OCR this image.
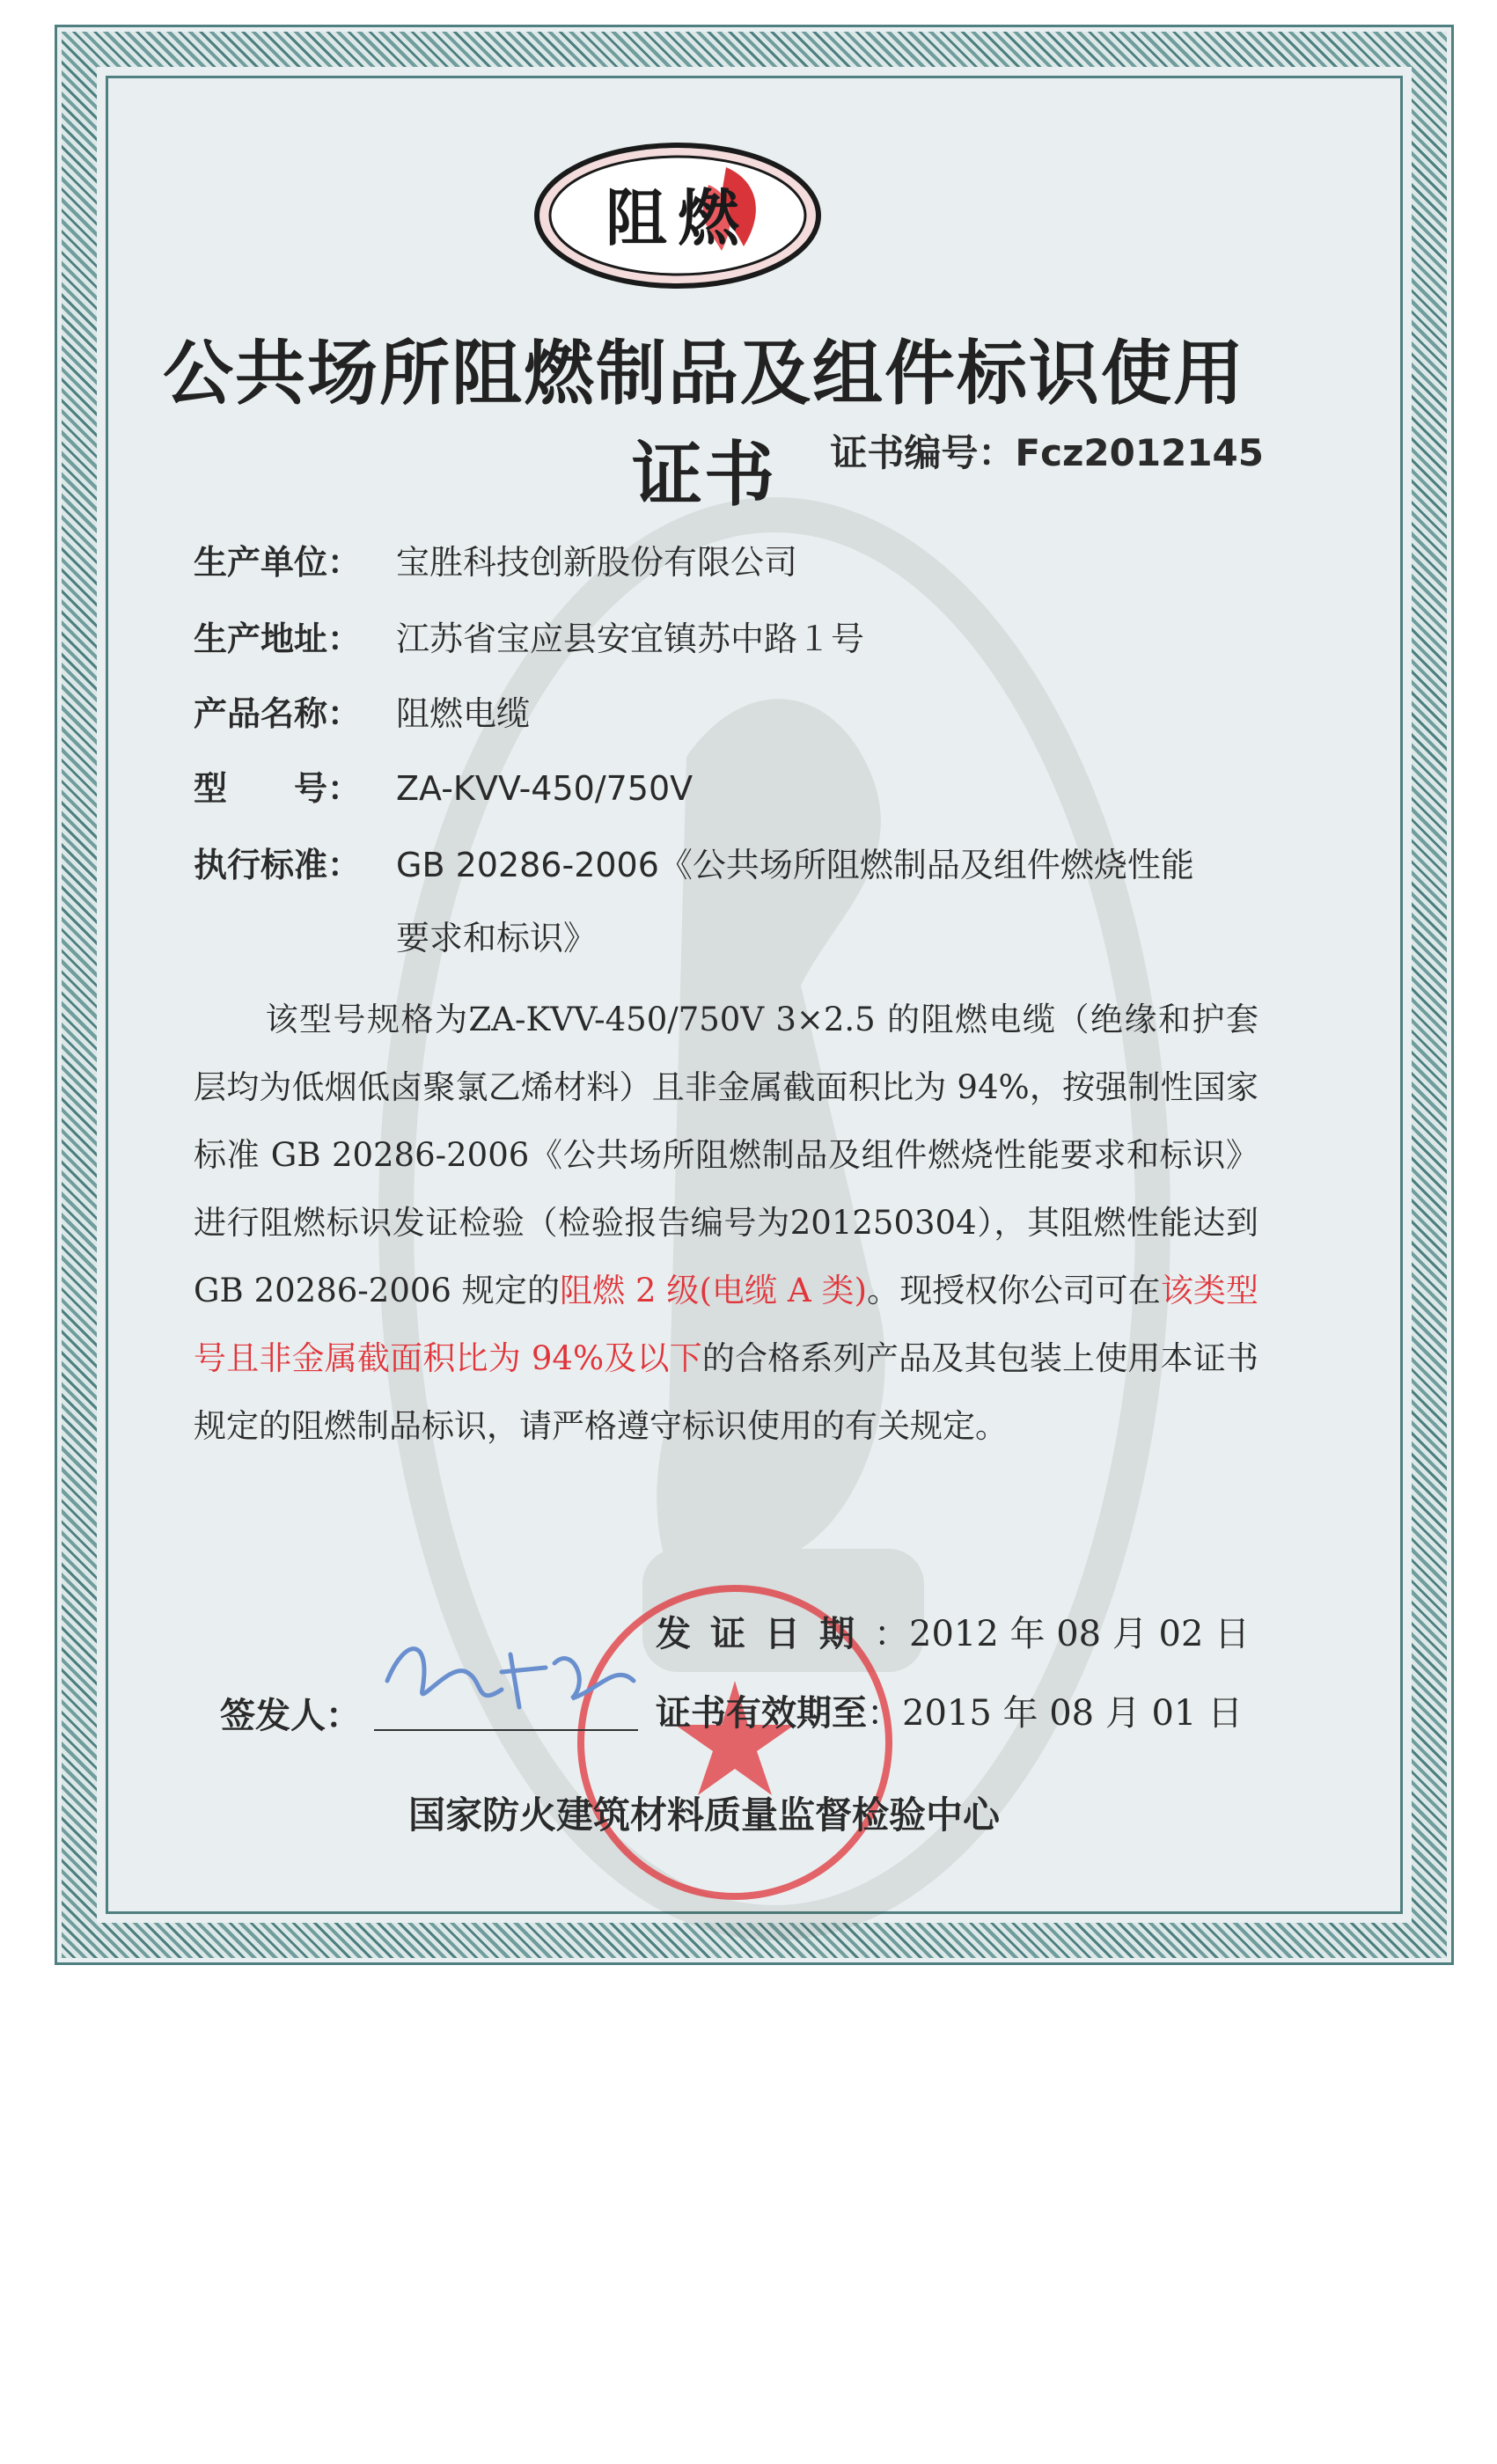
阻燃
公共场所阻燃制品及组件标识使用证书	证书编号：Fcz2012145
生产单位： 宝胜科技创新股份有限公司
生产地址： 江苏省宝应县安宜镇苏中路１号
产品名称： 阻燃电缆
型　　号： ZA-KVV-450/750V
执行标准： GB 20286-2006《公共场所阻燃制品及组件燃烧性能
要求和标识》
该型号规格为ZA-KVV-450/750V 3×2.5 的阻燃电缆（绝缘和护套层均为低烟低卤聚氯乙烯材料）且非金属截面积比为 94%，按强制性国家标准 GB 20286-2006《公共场所阻燃制品及组件燃烧性能要求和标识》进行阻燃标识发证检验（检验报告编号为201250304），其阻燃性能达到 GB 20286-2006 规定的阻燃 2 级(电缆 A 类)。现授权你公司可在该类型号且非金属截面积比为 94%及以下的合格系列产品及其包装上使用本证书规定的阻燃制品标识，请严格遵守标识使用的有关规定。
发证日期：2012 年 08 月 02 日
证书有效期至：2015 年 08 月 01 日
签发人：
国家防火建筑材料质量监督检验中心
